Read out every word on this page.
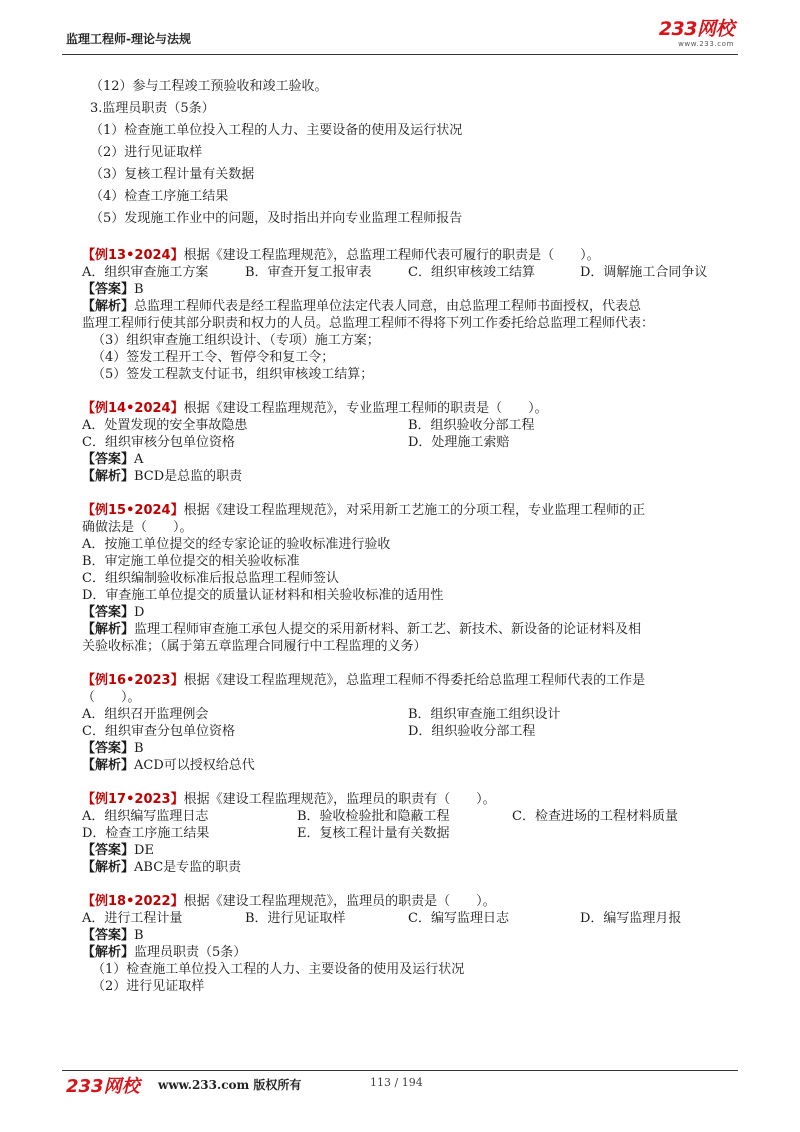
监理工程师-理论与法规	233网校
www.233.com
（12）参与工程竣工预验收和竣工验收。
3.监理员职责（5条）
（1）检查施工单位投入工程的人力、主要设备的使用及运行状况
（2）进行见证取样
（3）复核工程计量有关数据
（4）检查工序施工结果
（5）发现施工作业中的问题，及时指出并向专业监理工程师报告
【例13•2024】根据《建设工程监理规范》，总监理工程师代表可履行的职责是（　　）。
A．组织审查施工方案	B．审查开复工报审表	C．组织审核竣工结算	D．调解施工合同争议
【答案】B
【解析】总监理工程师代表是经工程监理单位法定代表人同意，由总监理工程师书面授权，代表总
监理工程师行使其部分职责和权力的人员。总监理工程师不得将下列工作委托给总监理工程师代表：
（3）组织审查施工组织设计、（专项）施工方案；
（4）签发工程开工令、暂停令和复工令；
（5）签发工程款支付证书，组织审核竣工结算；
【例14•2024】根据《建设工程监理规范》，专业监理工程师的职责是（　　）。
A．处置发现的安全事故隐患	B．组织验收分部工程
C．组织审核分包单位资格	D．处理施工索赔
【答案】A
【解析】BCD是总监的职责
【例15•2024】根据《建设工程监理规范》，对采用新工艺施工的分项工程，专业监理工程师的正
确做法是（　　）。
A．按施工单位提交的经专家论证的验收标准进行验收
B．审定施工单位提交的相关验收标准
C．组织编制验收标准后报总监理工程师签认
D．审查施工单位提交的质量认证材料和相关验收标准的适用性
【答案】D
【解析】监理工程师审查施工承包人提交的采用新材料、新工艺、新技术、新设备的论证材料及相
关验收标准；（属于第五章监理合同履行中工程监理的义务）
【例16•2023】根据《建设工程监理规范》，总监理工程师不得委托给总监理工程师代表的工作是
（　　）。
A．组织召开监理例会	B．组织审查施工组织设计
C．组织审查分包单位资格	D．组织验收分部工程
【答案】B
【解析】ACD可以授权给总代
【例17•2023】根据《建设工程监理规范》，监理员的职责有（　　）。
A．组织编写监理日志	B．验收检验批和隐蔽工程	C．检查进场的工程材料质量
D．检查工序施工结果	E．复核工程计量有关数据
【答案】DE
【解析】ABC是专监的职责
【例18•2022】根据《建设工程监理规范》，监理员的职责是（　　）。
A．进行工程计量	B．进行见证取样	C．编写监理日志	D．编写监理月报
【答案】B
【解析】监理员职责（5条）
（1）检查施工单位投入工程的人力、主要设备的使用及运行状况
（2）进行见证取样
233网校 www.233.com 版权所有	113 / 194
